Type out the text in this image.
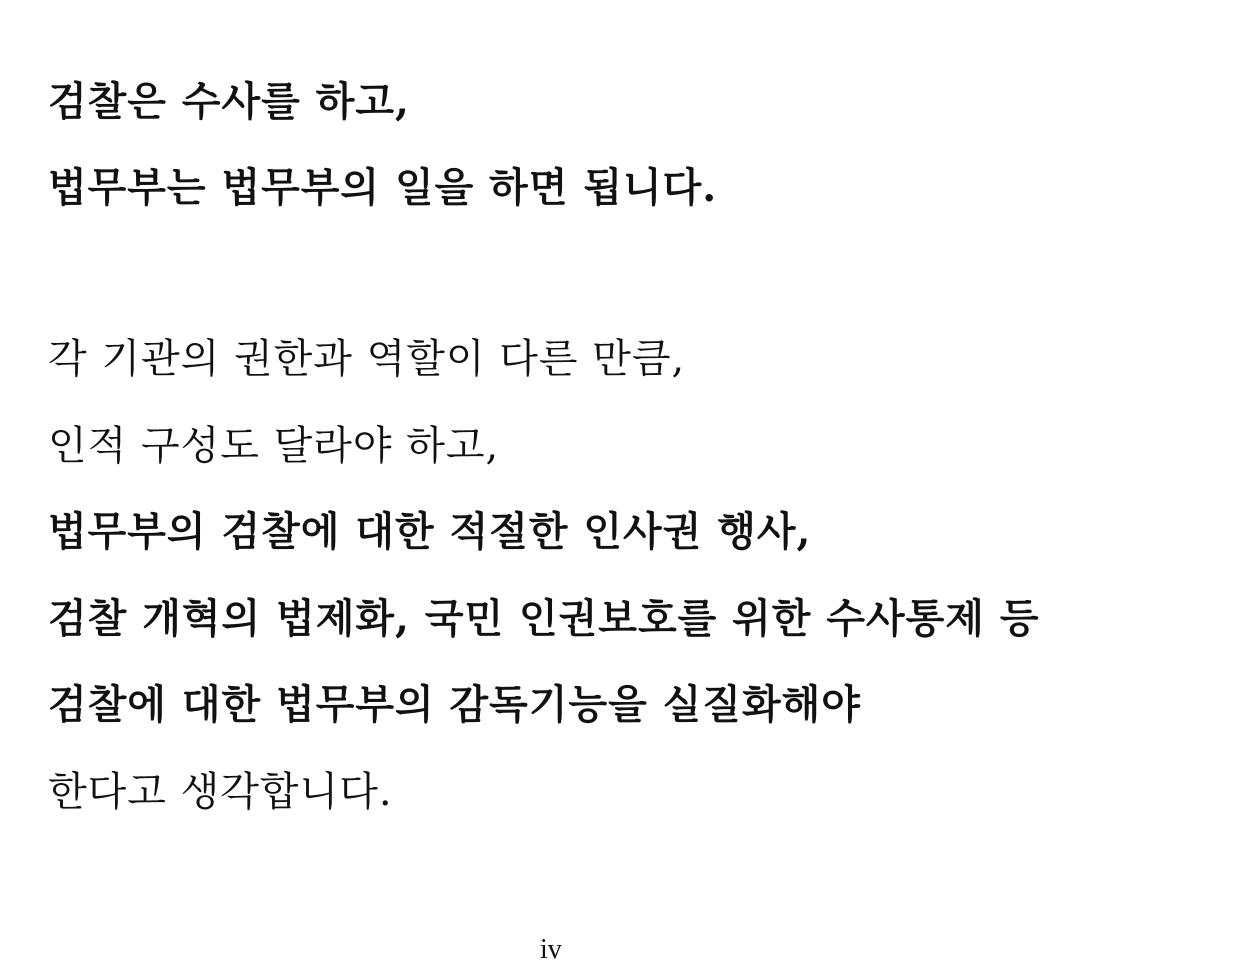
검찰은 수사를 하고,
법무부는 법무부의 일을 하면 됩니다.
각 기관의 권한과 역할이 다른 만큼,
인적 구성도 달라야 하고,
법무부의 검찰에 대한 적절한 인사권 행사,
검찰 개혁의 법제화, 국민 인권보호를 위한 수사통제 등
검찰에 대한 법무부의 감독기능을 실질화해야
한다고 생각합니다.
iv
